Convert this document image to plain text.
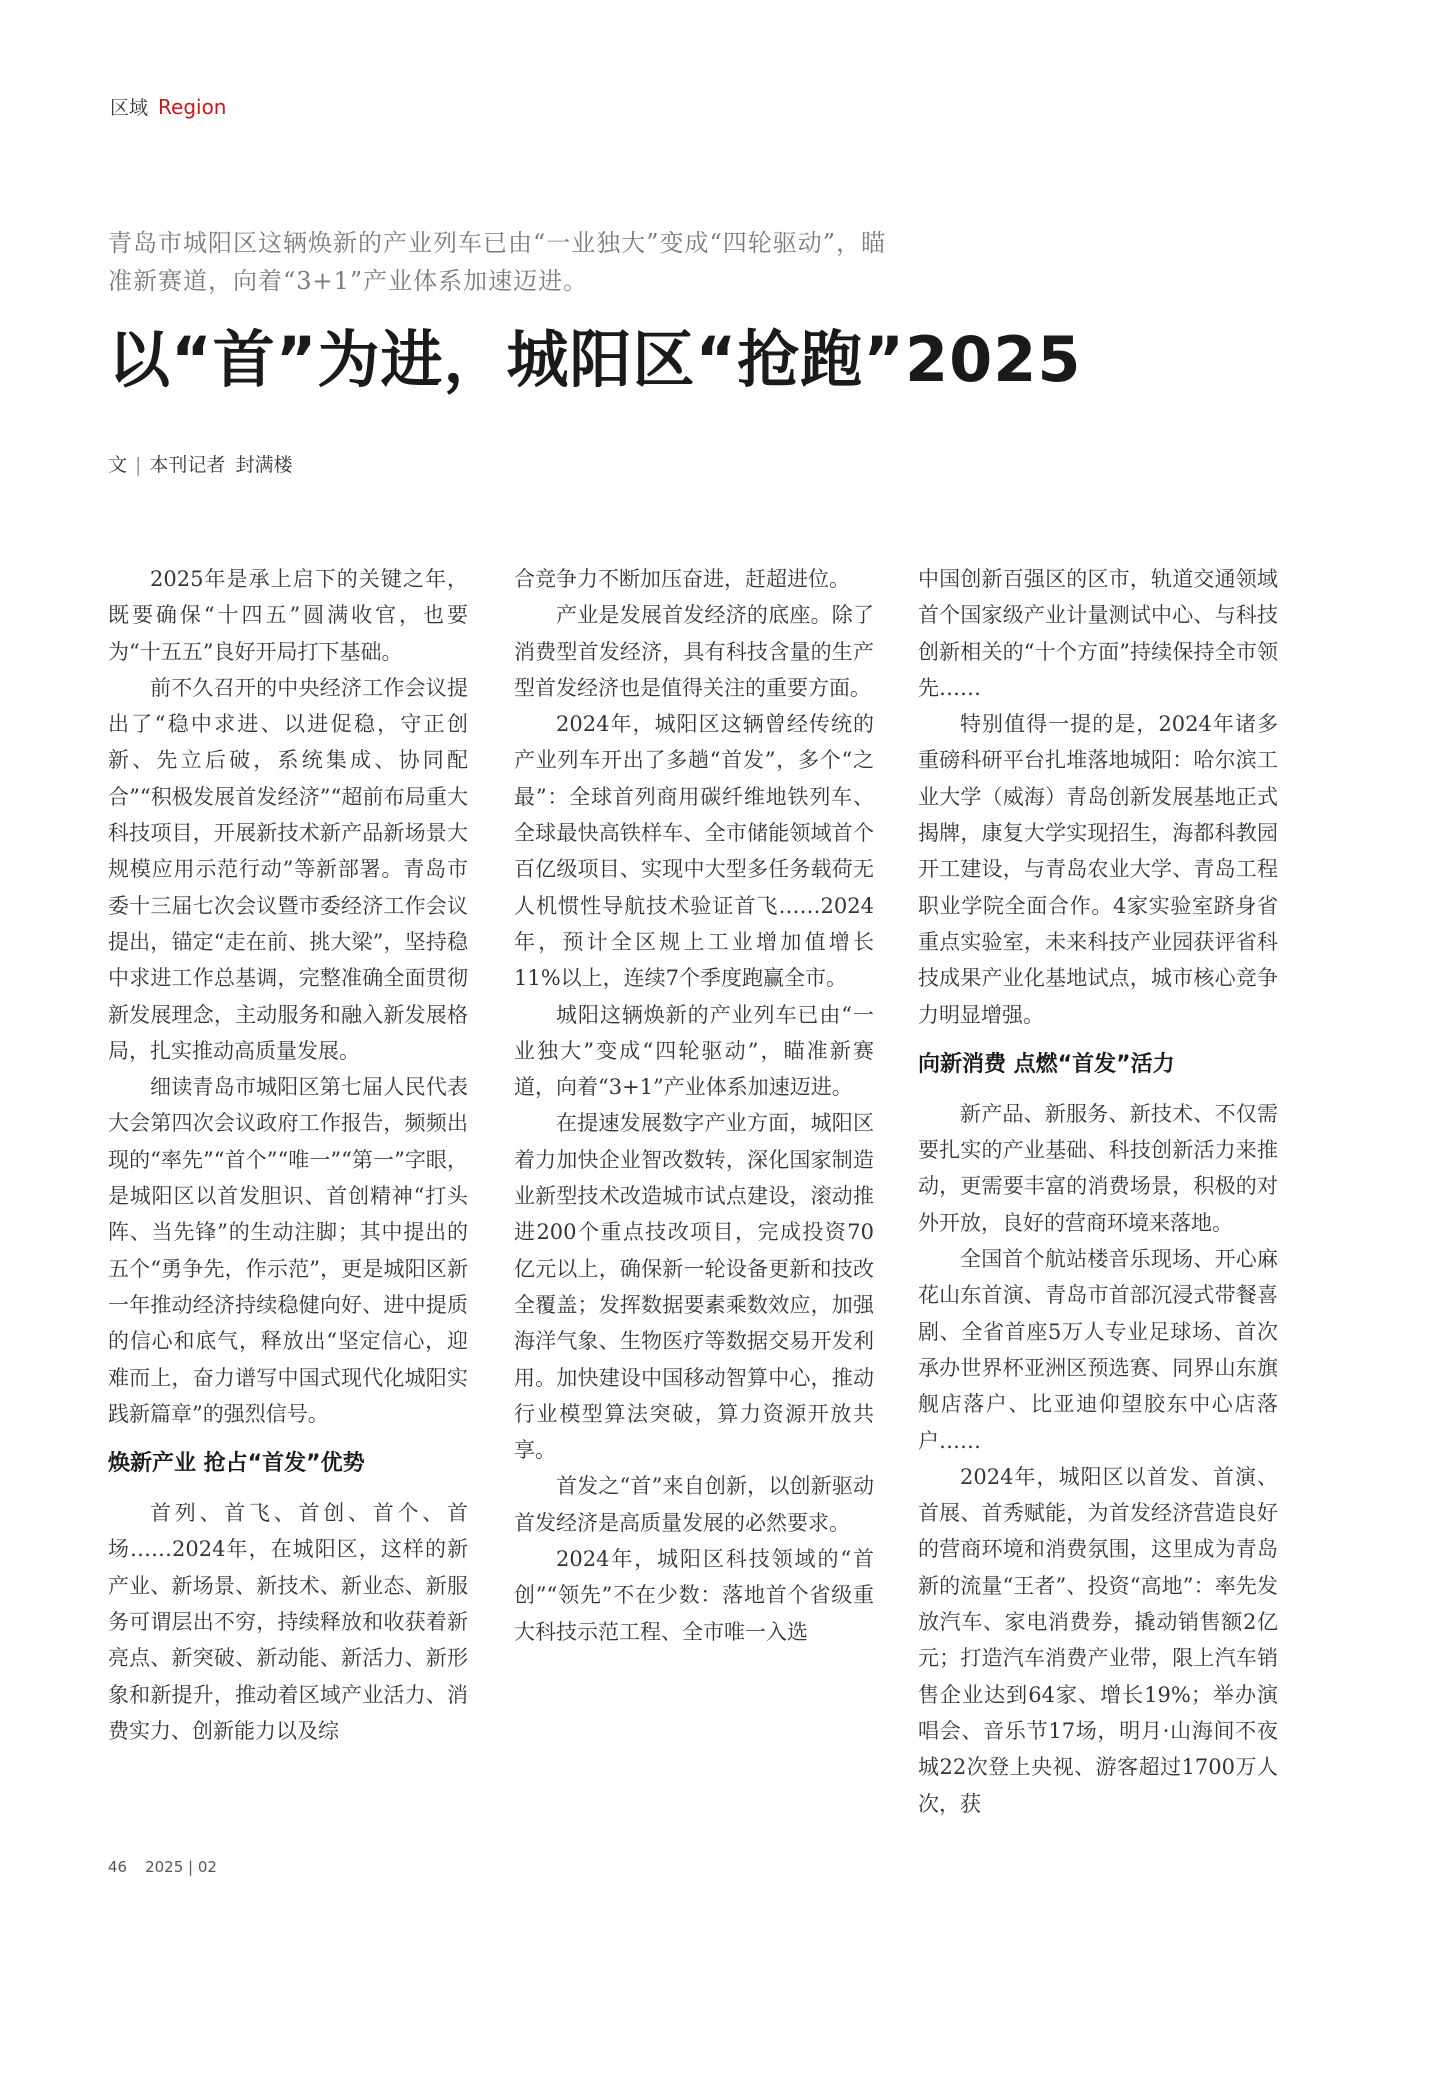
区域 Region
青岛市城阳区这辆焕新的产业列车已由“一业独大”变成“四轮驱动”，瞄准新赛道，向着“3+1”产业体系加速迈进。
以“首”为进，城阳区“抢跑”2025
文 | 本刊记者 封满楼

2025年是承上启下的关键之年，既要确保“十四五”圆满收官，也要为“十五五”良好开局打下基础。

前不久召开的中央经济工作会议提出了“稳中求进、以进促稳，守正创新、先立后破，系统集成、协同配合”“积极发展首发经济”“超前布局重大科技项目，开展新技术新产品新场景大规模应用示范行动”等新部署。青岛市委十三届七次会议暨市委经济工作会议提出，锚定“走在前、挑大梁”，坚持稳中求进工作总基调，完整准确全面贯彻新发展理念，主动服务和融入新发展格局，扎实推动高质量发展。

细读青岛市城阳区第七届人民代表大会第四次会议政府工作报告，频频出现的“率先”“首个”“唯一”“第一”字眼，是城阳区以首发胆识、首创精神“打头阵、当先锋”的生动注脚；其中提出的五个“勇争先，作示范”，更是城阳区新一年推动经济持续稳健向好、进中提质的信心和底气，释放出“坚定信心，迎难而上，奋力谱写中国式现代化城阳实践新篇章”的强烈信号。

焕新产业 抢占“首发”优势

首列、首飞、首创、首个、首场……2024年，在城阳区，这样的新产业、新场景、新技术、新业态、新服务可谓层出不穷，持续释放和收获着新亮点、新突破、新动能、新活力、新形象和新提升，推动着区域产业活力、消费实力、创新能力以及综

合竞争力不断加压奋进，赶超进位。

产业是发展首发经济的底座。除了消费型首发经济，具有科技含量的生产型首发经济也是值得关注的重要方面。

2024年，城阳区这辆曾经传统的产业列车开出了多趟“首发”，多个“之最”：全球首列商用碳纤维地铁列车、全球最快高铁样车、全市储能领域首个百亿级项目、实现中大型多任务载荷无人机惯性导航技术验证首飞……2024年，预计全区规上工业增加值增长11%以上，连续7个季度跑赢全市。

城阳这辆焕新的产业列车已由“一业独大”变成“四轮驱动”，瞄准新赛道，向着“3+1”产业体系加速迈进。

在提速发展数字产业方面，城阳区着力加快企业智改数转，深化国家制造业新型技术改造城市试点建设，滚动推进200个重点技改项目，完成投资70亿元以上，确保新一轮设备更新和技改全覆盖；发挥数据要素乘数效应，加强海洋气象、生物医疗等数据交易开发利用。加快建设中国移动智算中心，推动行业模型算法突破，算力资源开放共享。

首发之“首”来自创新，以创新驱动首发经济是高质量发展的必然要求。

2024年，城阳区科技领域的“首创”“领先”不在少数：落地首个省级重大科技示范工程、全市唯一入选

中国创新百强区的区市，轨道交通领域首个国家级产业计量测试中心、与科技创新相关的“十个方面”持续保持全市领先……

特别值得一提的是，2024年诸多重磅科研平台扎堆落地城阳：哈尔滨工业大学（威海）青岛创新发展基地正式揭牌，康复大学实现招生，海都科教园开工建设，与青岛农业大学、青岛工程职业学院全面合作。4家实验室跻身省重点实验室，未来科技产业园获评省科技成果产业化基地试点，城市核心竞争力明显增强。

向新消费 点燃“首发”活力

新产品、新服务、新技术、不仅需要扎实的产业基础、科技创新活力来推动，更需要丰富的消费场景，积极的对外开放，良好的营商环境来落地。

全国首个航站楼音乐现场、开心麻花山东首演、青岛市首部沉浸式带餐喜剧、全省首座5万人专业足球场、首次承办世界杯亚洲区预选赛、同界山东旗舰店落户、比亚迪仰望胶东中心店落户……

2024年，城阳区以首发、首演、首展、首秀赋能，为首发经济营造良好的营商环境和消费氛围，这里成为青岛新的流量“王者”、投资“高地”：率先发放汽车、家电消费券，撬动销售额2亿元；打造汽车消费产业带，限上汽车销售企业达到64家、增长19%；举办演唱会、音乐节17场，明月·山海间不夜城22次登上央视、游客超过1700万人次，获

46 2025 | 02
